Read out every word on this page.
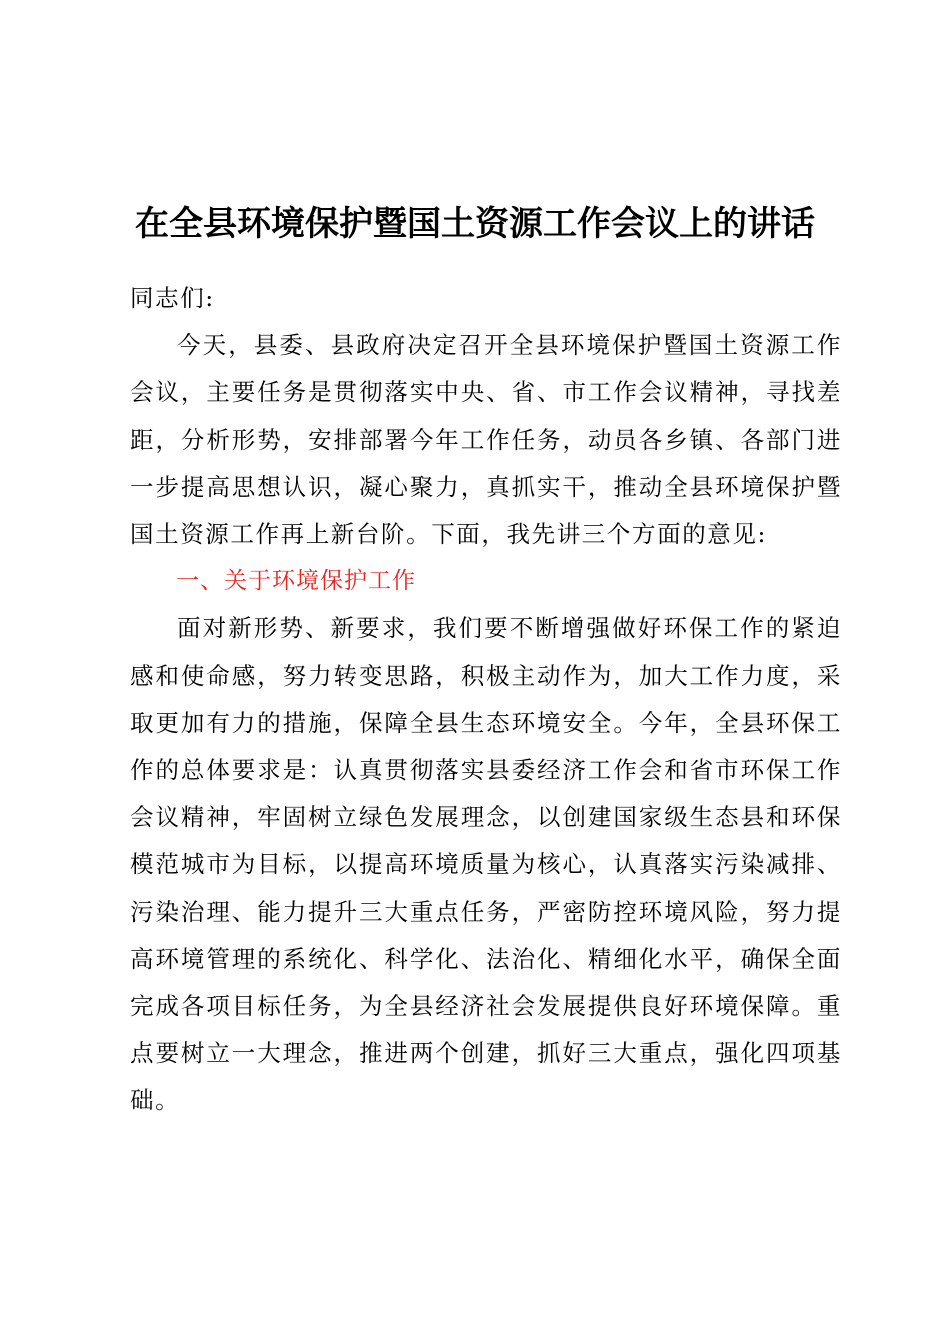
在全县环境保护暨国土资源工作会议上的讲话

同志们:

今天，县委、县政府决定召开全县环境保护暨国土资源工作会议，主要任务是贯彻落实中央、省、市工作会议精神，寻找差距，分析形势，安排部署今年工作任务，动员各乡镇、各部门进一步提高思想认识，凝心聚力，真抓实干，推动全县环境保护暨国土资源工作再上新台阶。下面，我先讲三个方面的意见:

一、关于环境保护工作

面对新形势、新要求，我们要不断增强做好环保工作的紧迫感和使命感，努力转变思路，积极主动作为，加大工作力度，采取更加有力的措施，保障全县生态环境安全。今年，全县环保工作的总体要求是：认真贯彻落实县委经济工作会和省市环保工作会议精神，牢固树立绿色发展理念，以创建国家级生态县和环保模范城市为目标，以提高环境质量为核心，认真落实污染减排、污染治理、能力提升三大重点任务，严密防控环境风险，努力提高环境管理的系统化、科学化、法治化、精细化水平，确保全面完成各项目标任务，为全县经济社会发展提供良好环境保障。重点要树立一大理念，推进两个创建，抓好三大重点，强化四项基础。
